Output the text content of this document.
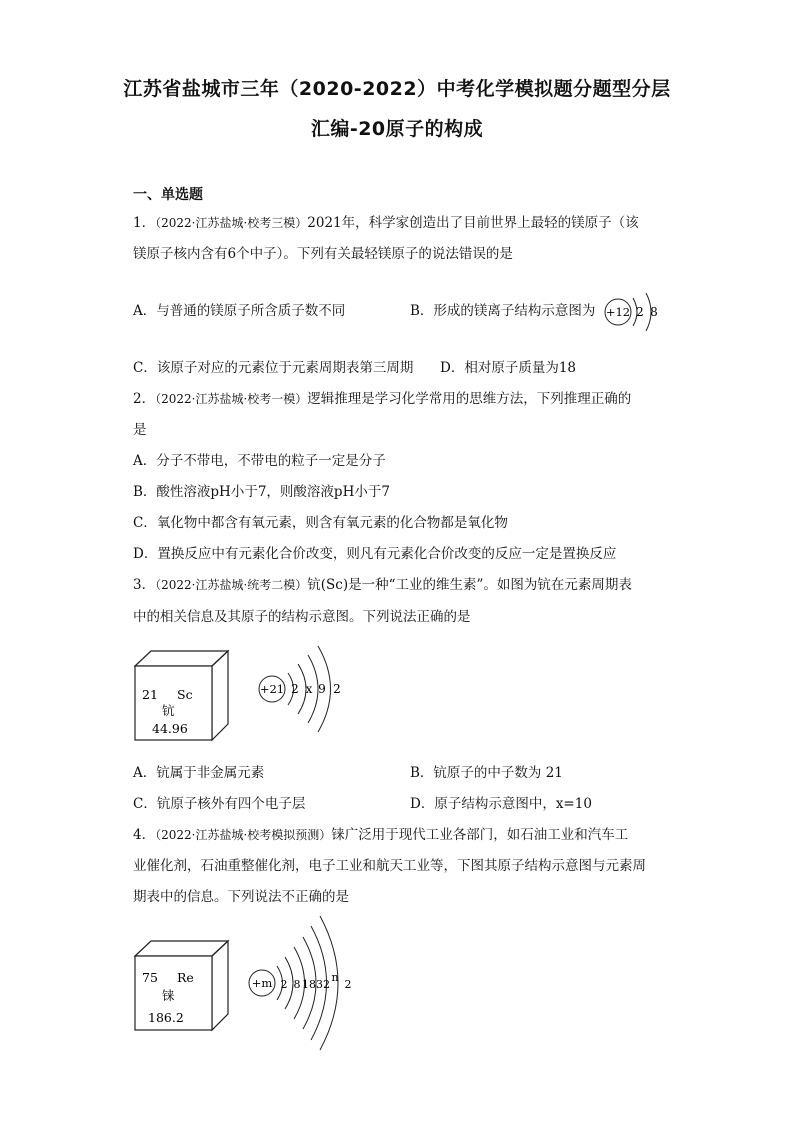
江苏省盐城市三年（2020-2022）中考化学模拟题分题型分层
汇编-20原子的构成
一、单选题
1．（2022·江苏盐城·校考三模）2021年，科学家创造出了目前世界上最轻的镁原子（该
镁原子核内含有6个中子）。下列有关最轻镁原子的说法错误的是
A．与普通的镁原子所含质子数不同	B．形成的镁离子结构示意图为 +12 2 8
C．该原子对应的元素位于元素周期表第三周期 D．相对原子质量为18
2．（2022·江苏盐城·校考一模）逻辑推理是学习化学常用的思维方法，下列推理正确的
是
A．分子不带电，不带电的粒子一定是分子
B．酸性溶液pH小于7，则酸溶液pH小于7
C．氧化物中都含有氧元素，则含有氧元素的化合物都是氧化物
D．置换反应中有元素化合价改变，则凡有元素化合价改变的反应一定是置换反应
3．（2022·江苏盐城·统考二模）钪(Sc)是一种“工业的维生素”。如图为钪在元素周期表
中的相关信息及其原子的结构示意图。下列说法正确的是
21 Sc
钪
44.96
+21 2 x 9 2
A．钪属于非金属元素	B．钪原子的中子数为 21
C．钪原子核外有四个电子层	D．原子结构示意图中，x=10
4．（2022·江苏盐城·校考模拟预测）铼广泛用于现代工业各部门，如石油工业和汽车工
业催化剂，石油重整催化剂，电子工业和航天工业等，下图其原子结构示意图与元素周
期表中的信息。下列说法不正确的是
75 Re
铼
186.2
+m 2 8 18 32
n
2
